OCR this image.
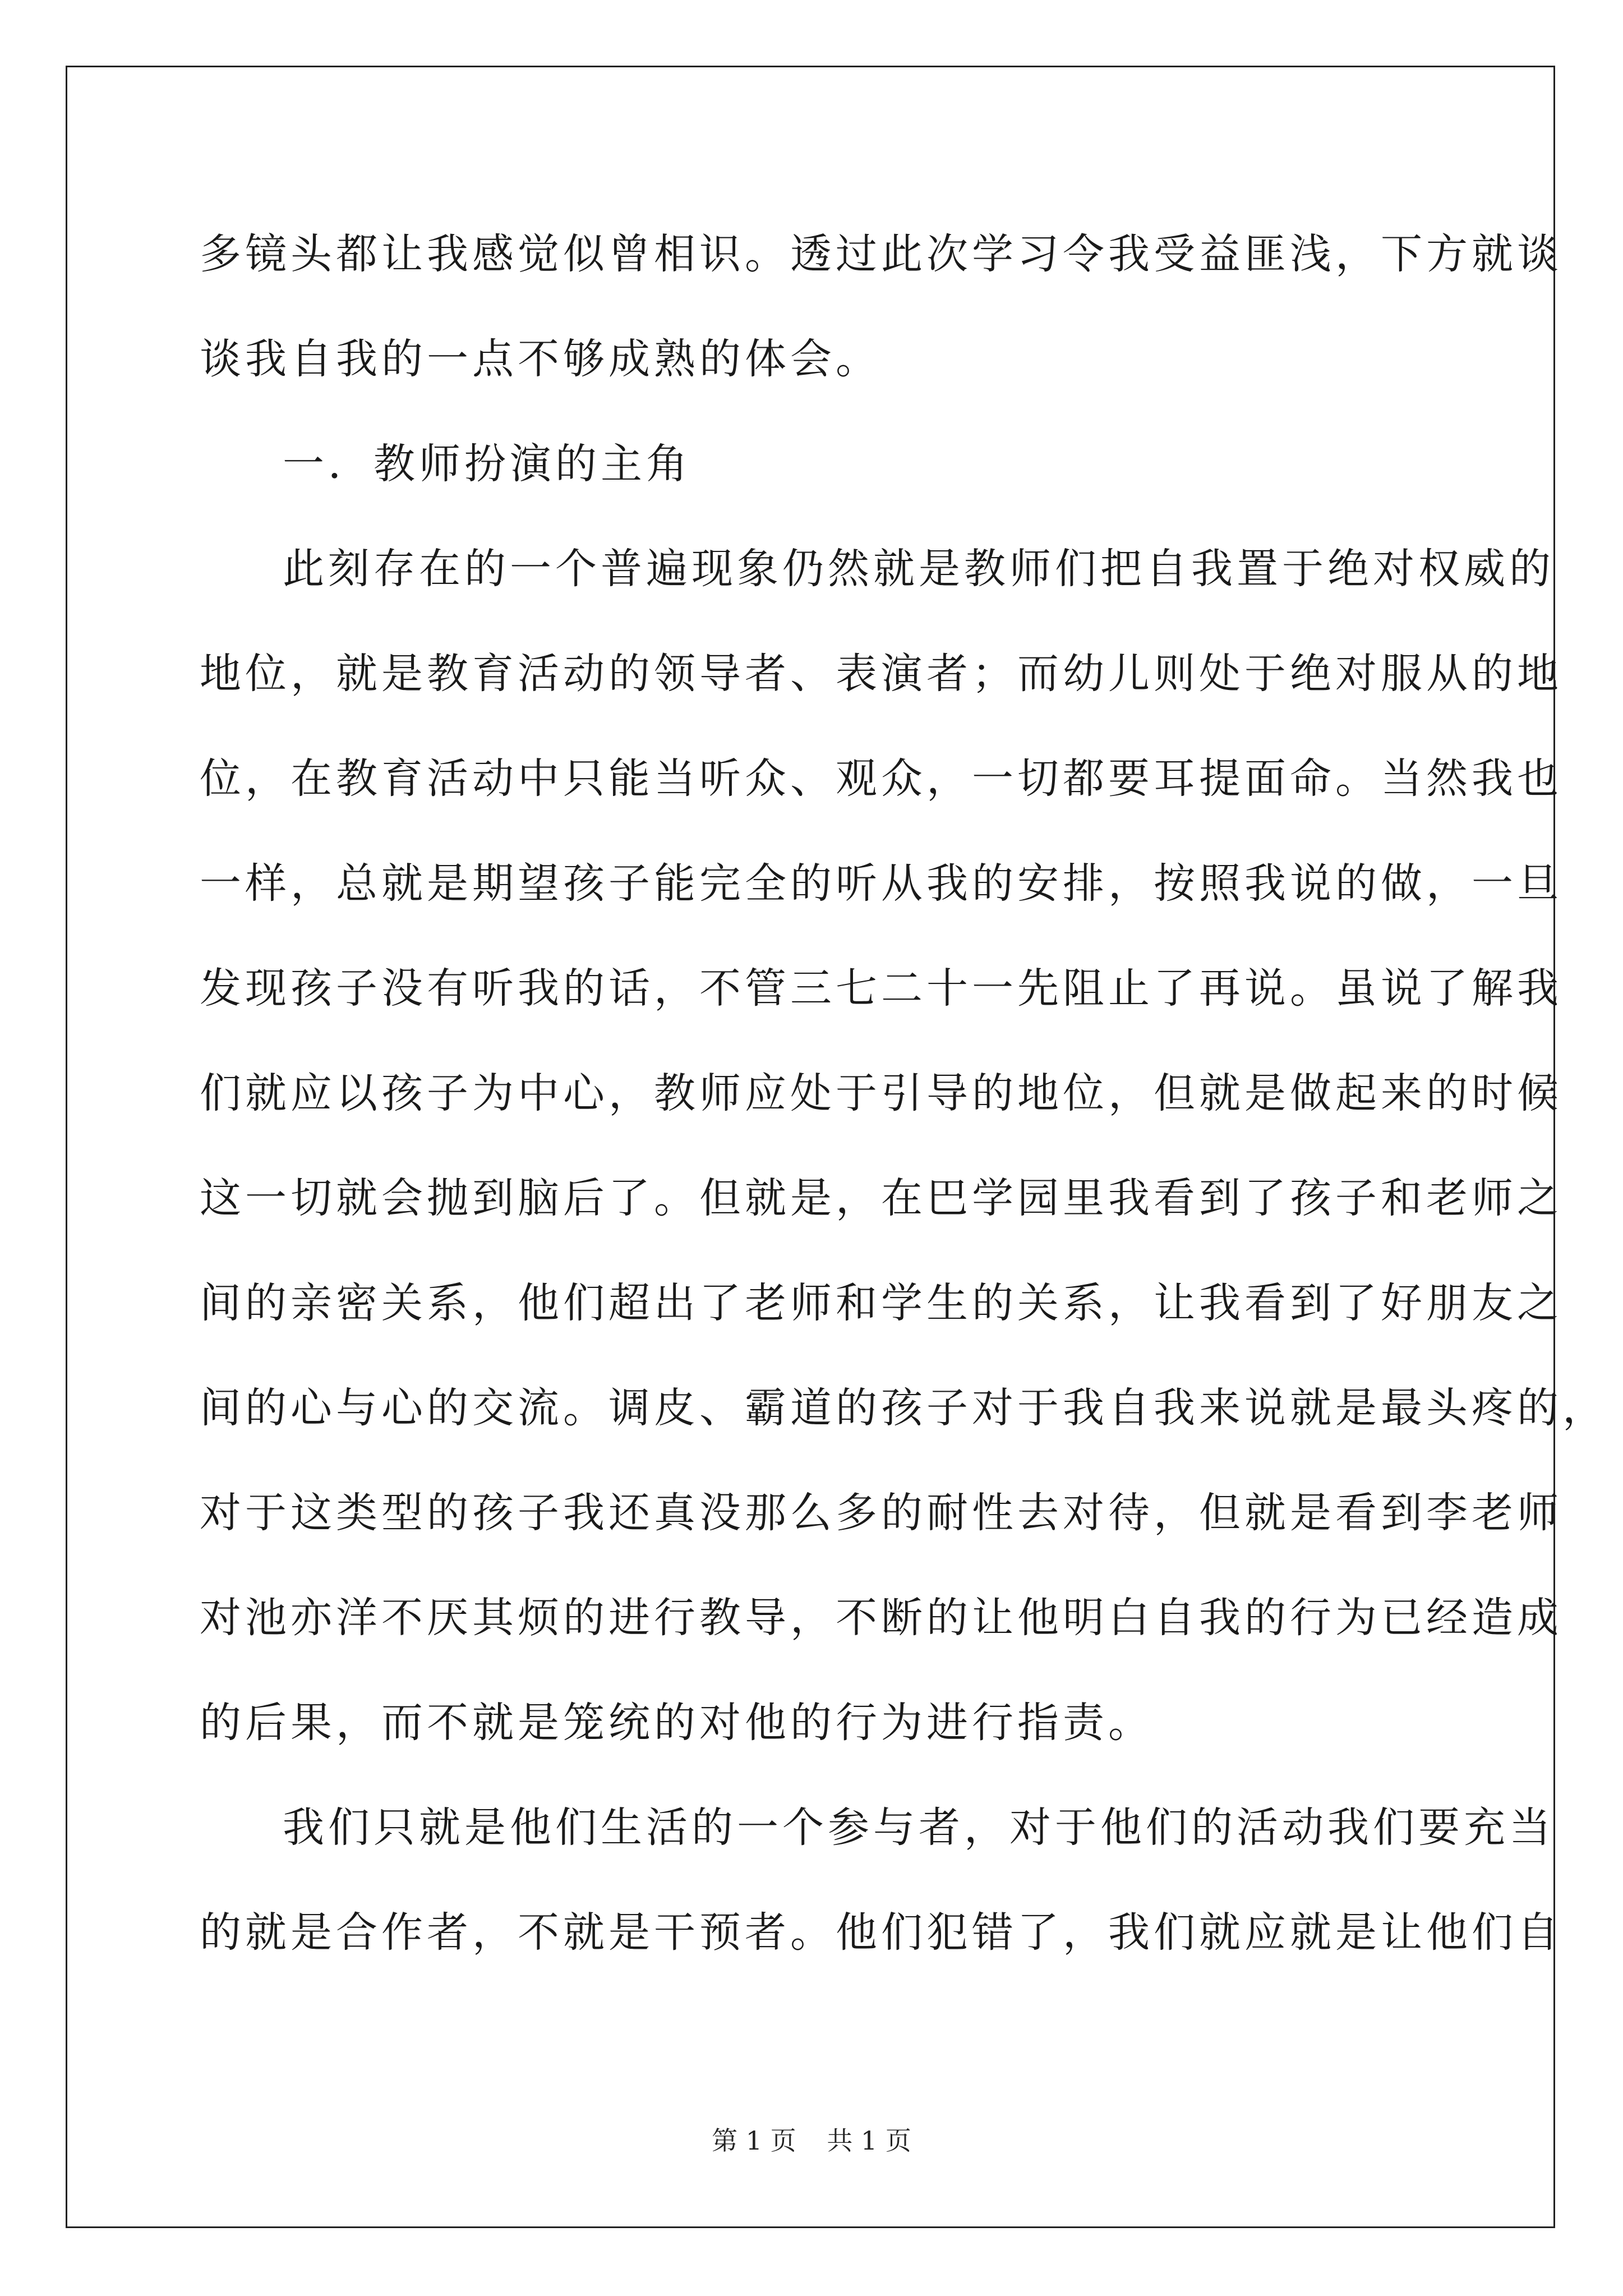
多镜头都让我感觉似曾相识。透过此次学习令我受益匪浅，下方就谈
谈我自我的一点不够成熟的体会。
一．教师扮演的主角
此刻存在的一个普遍现象仍然就是教师们把自我置于绝对权威的
地位，就是教育活动的领导者、表演者；而幼儿则处于绝对服从的地
位，在教育活动中只能当听众、观众，一切都要耳提面命。当然我也
一样，总就是期望孩子能完全的听从我的安排，按照我说的做，一旦
发现孩子没有听我的话，不管三七二十一先阻止了再说。虽说了解我
们就应以孩子为中心，教师应处于引导的地位，但就是做起来的时候
这一切就会抛到脑后了。但就是，在巴学园里我看到了孩子和老师之
间的亲密关系，他们超出了老师和学生的关系，让我看到了好朋友之
间的心与心的交流。调皮、霸道的孩子对于我自我来说就是最头疼的，
对于这类型的孩子我还真没那么多的耐性去对待，但就是看到李老师
对池亦洋不厌其烦的进行教导，不断的让他明白自我的行为已经造成
的后果，而不就是笼统的对他的行为进行指责。
我们只就是他们生活的一个参与者，对于他们的活动我们要充当
的就是合作者，不就是干预者。他们犯错了，我们就应就是让他们自
第 1 页 共 1 页
